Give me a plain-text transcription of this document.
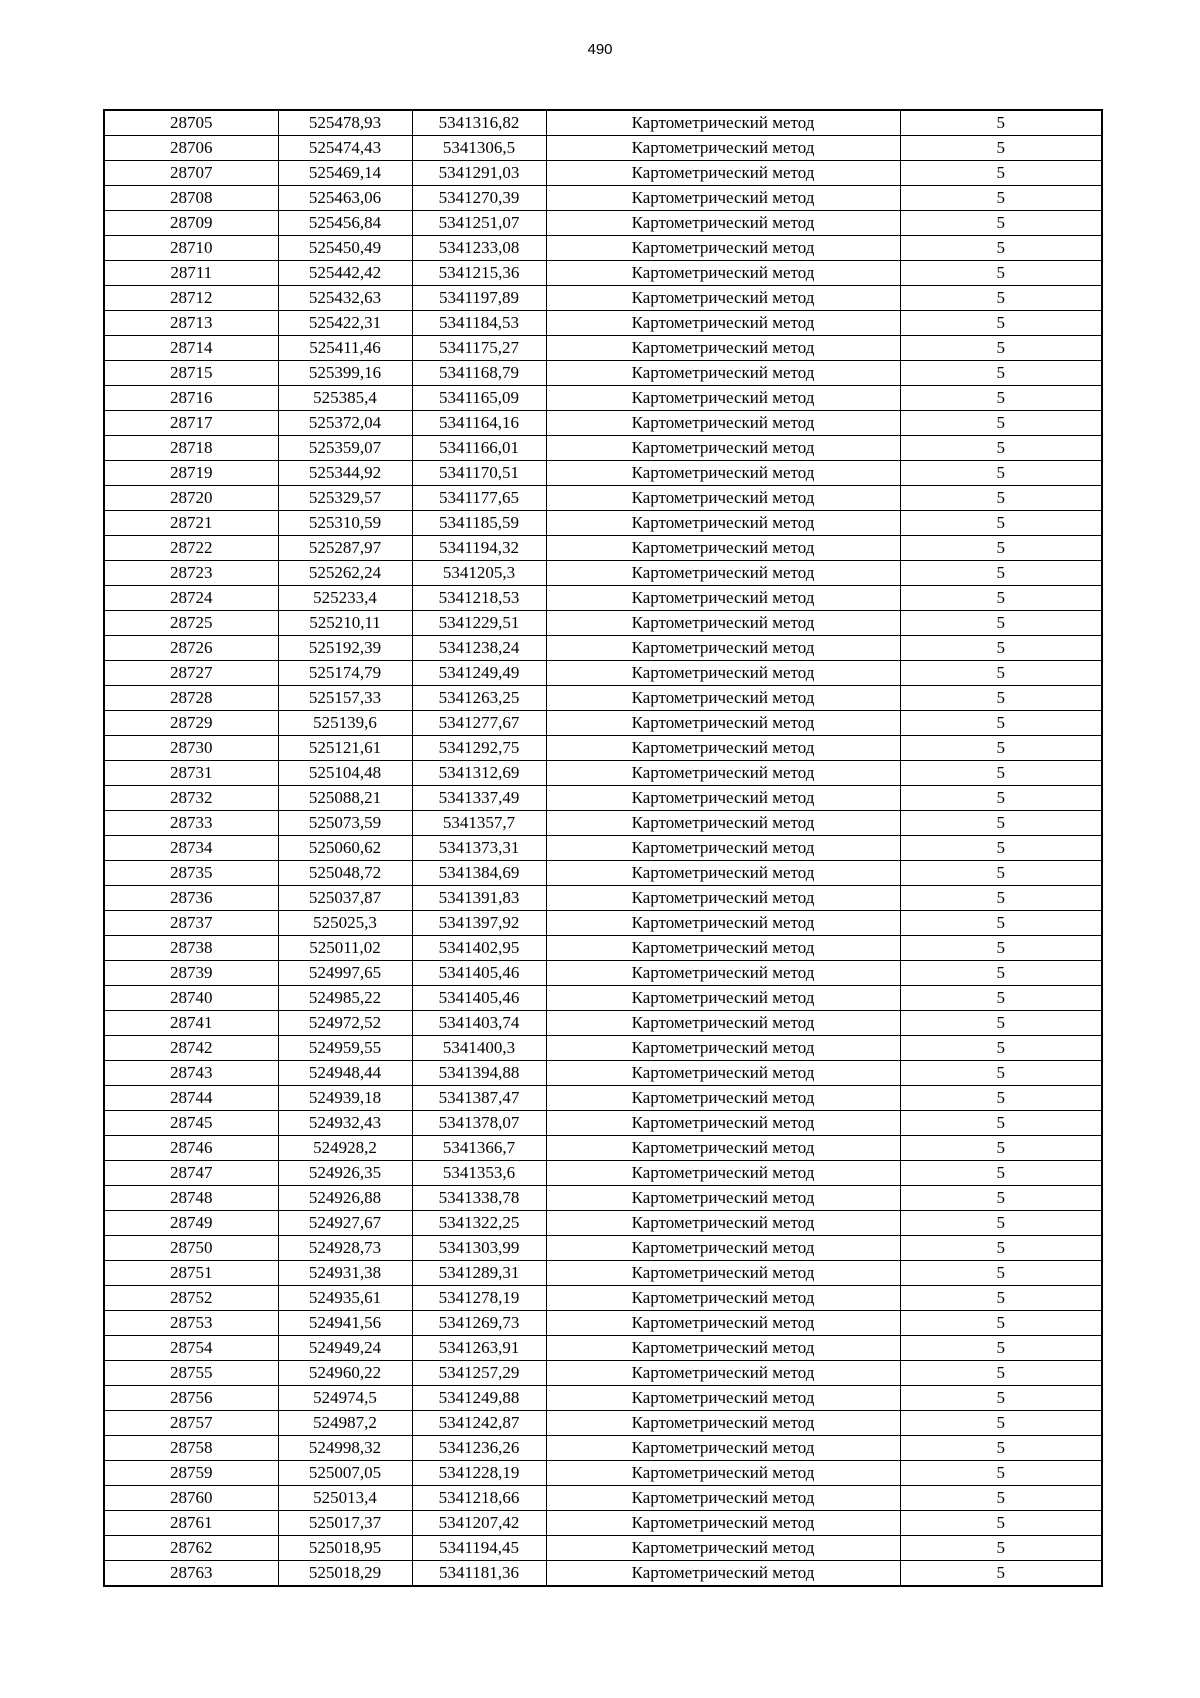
490
28705	525478,93	5341316,82	Картометрический метод	5
28706	525474,43	5341306,5	Картометрический метод	5
28707	525469,14	5341291,03	Картометрический метод	5
28708	525463,06	5341270,39	Картометрический метод	5
28709	525456,84	5341251,07	Картометрический метод	5
28710	525450,49	5341233,08	Картометрический метод	5
28711	525442,42	5341215,36	Картометрический метод	5
28712	525432,63	5341197,89	Картометрический метод	5
28713	525422,31	5341184,53	Картометрический метод	5
28714	525411,46	5341175,27	Картометрический метод	5
28715	525399,16	5341168,79	Картометрический метод	5
28716	525385,4	5341165,09	Картометрический метод	5
28717	525372,04	5341164,16	Картометрический метод	5
28718	525359,07	5341166,01	Картометрический метод	5
28719	525344,92	5341170,51	Картометрический метод	5
28720	525329,57	5341177,65	Картометрический метод	5
28721	525310,59	5341185,59	Картометрический метод	5
28722	525287,97	5341194,32	Картометрический метод	5
28723	525262,24	5341205,3	Картометрический метод	5
28724	525233,4	5341218,53	Картометрический метод	5
28725	525210,11	5341229,51	Картометрический метод	5
28726	525192,39	5341238,24	Картометрический метод	5
28727	525174,79	5341249,49	Картометрический метод	5
28728	525157,33	5341263,25	Картометрический метод	5
28729	525139,6	5341277,67	Картометрический метод	5
28730	525121,61	5341292,75	Картометрический метод	5
28731	525104,48	5341312,69	Картометрический метод	5
28732	525088,21	5341337,49	Картометрический метод	5
28733	525073,59	5341357,7	Картометрический метод	5
28734	525060,62	5341373,31	Картометрический метод	5
28735	525048,72	5341384,69	Картометрический метод	5
28736	525037,87	5341391,83	Картометрический метод	5
28737	525025,3	5341397,92	Картометрический метод	5
28738	525011,02	5341402,95	Картометрический метод	5
28739	524997,65	5341405,46	Картометрический метод	5
28740	524985,22	5341405,46	Картометрический метод	5
28741	524972,52	5341403,74	Картометрический метод	5
28742	524959,55	5341400,3	Картометрический метод	5
28743	524948,44	5341394,88	Картометрический метод	5
28744	524939,18	5341387,47	Картометрический метод	5
28745	524932,43	5341378,07	Картометрический метод	5
28746	524928,2	5341366,7	Картометрический метод	5
28747	524926,35	5341353,6	Картометрический метод	5
28748	524926,88	5341338,78	Картометрический метод	5
28749	524927,67	5341322,25	Картометрический метод	5
28750	524928,73	5341303,99	Картометрический метод	5
28751	524931,38	5341289,31	Картометрический метод	5
28752	524935,61	5341278,19	Картометрический метод	5
28753	524941,56	5341269,73	Картометрический метод	5
28754	524949,24	5341263,91	Картометрический метод	5
28755	524960,22	5341257,29	Картометрический метод	5
28756	524974,5	5341249,88	Картометрический метод	5
28757	524987,2	5341242,87	Картометрический метод	5
28758	524998,32	5341236,26	Картометрический метод	5
28759	525007,05	5341228,19	Картометрический метод	5
28760	525013,4	5341218,66	Картометрический метод	5
28761	525017,37	5341207,42	Картометрический метод	5
28762	525018,95	5341194,45	Картометрический метод	5
28763	525018,29	5341181,36	Картометрический метод	5
